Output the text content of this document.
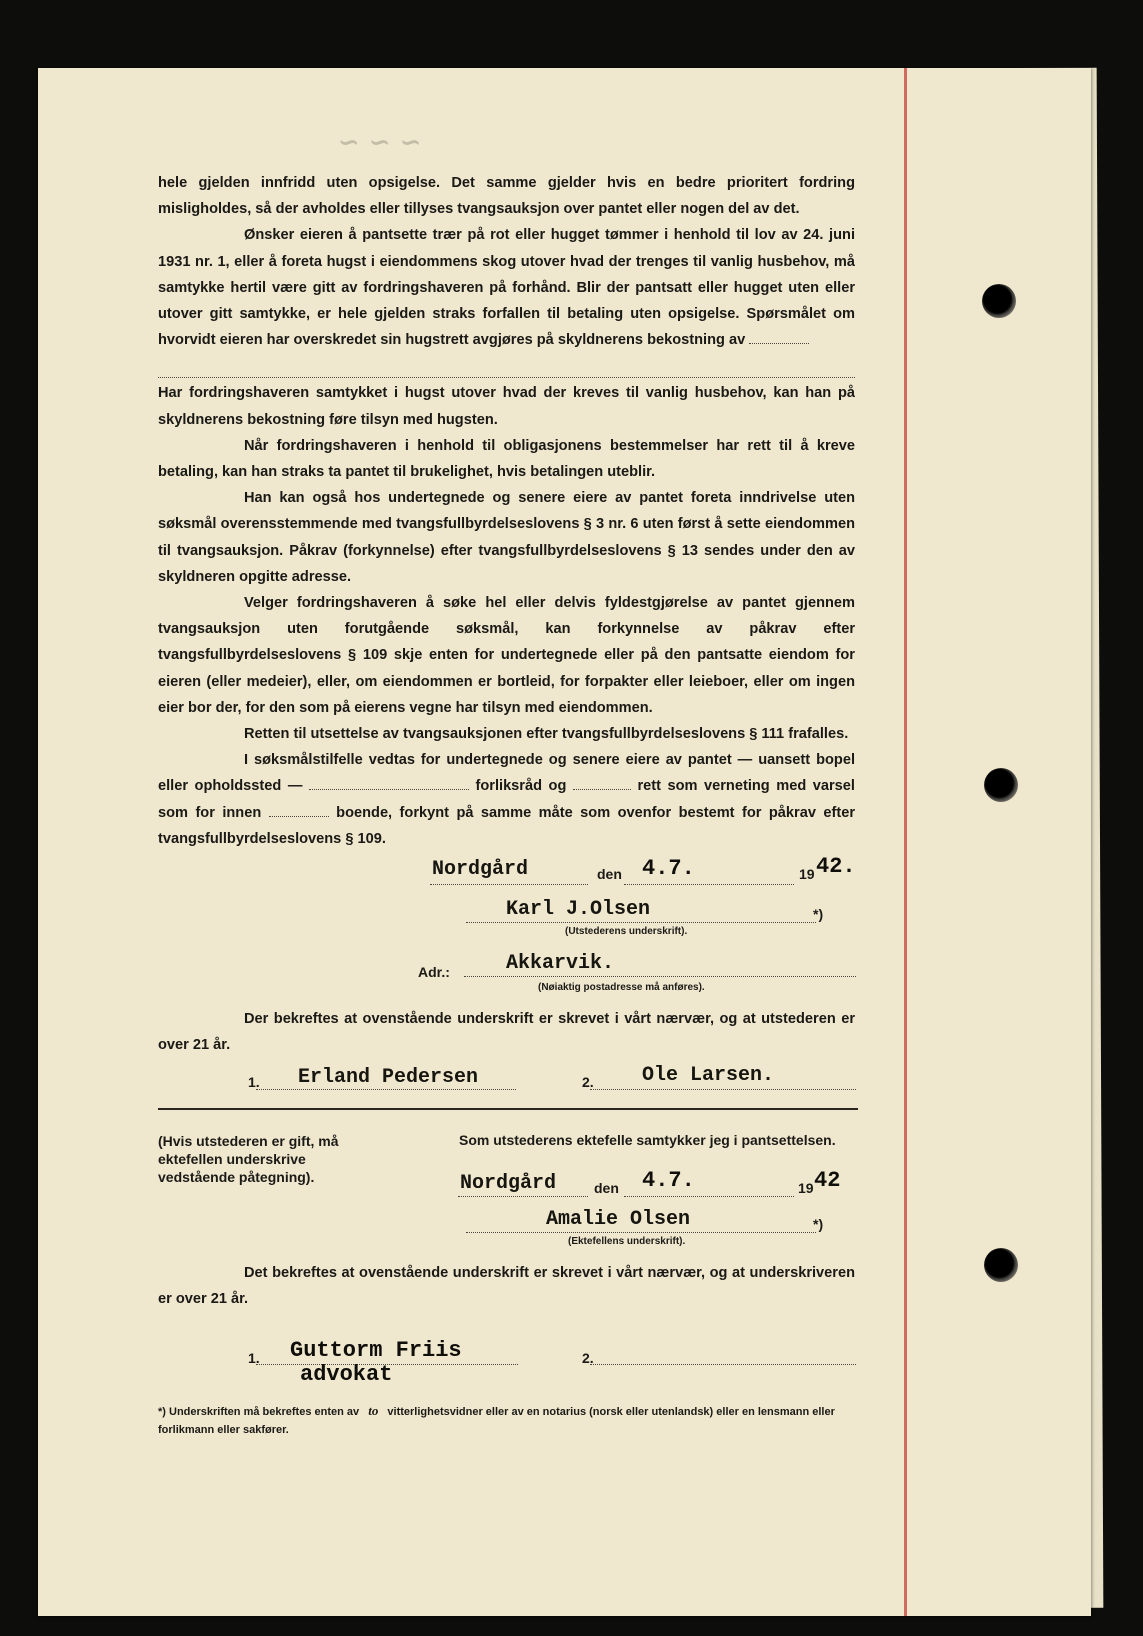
~ ~ ~

hele gjelden innfridd uten opsigelse. Det samme gjelder hvis en bedre prioritert fordring misligholdes, så der avholdes eller tillyses tvangsauksjon over pantet eller nogen del av det.

Ønsker eieren å pantsette trær på rot eller hugget tømmer i henhold til lov av 24. juni 1931 nr. 1, eller å foreta hugst i eiendommens skog utover hvad der trenges til vanlig husbehov, må samtykke hertil være gitt av fordringshaveren på forhånd. Blir der pantsatt eller hugget uten eller utover gitt samtykke, er hele gjelden straks forfallen til betaling uten opsigelse. Spørsmålet om hvorvidt eieren har overskredet sin hugstrett avgjøres på skyldnerens bekostning av

Har fordringshaveren samtykket i hugst utover hvad der kreves til vanlig husbehov, kan han på skyldnerens bekostning føre tilsyn med hugsten.

Når fordringshaveren i henhold til obligasjonens bestemmelser har rett til å kreve betaling, kan han straks ta pantet til brukelighet, hvis betalingen uteblir.

Han kan også hos undertegnede og senere eiere av pantet foreta inndrivelse uten søksmål overensstemmende med tvangsfullbyrdelseslovens § 3 nr. 6 uten først å sette eiendommen til tvangsauksjon. Påkrav (forkynnelse) efter tvangsfullbyrdelseslovens § 13 sendes under den av skyldneren opgitte adresse.

Velger fordringshaveren å søke hel eller delvis fyldestgjørelse av pantet gjennem tvangsauksjon uten forutgående søksmål, kan forkynnelse av påkrav efter tvangsfullbyrdelseslovens § 109 skje enten for undertegnede eller på den pantsatte eiendom for eieren (eller medeier), eller, om eiendommen er bortleid, for forpakter eller leieboer, eller om ingen eier bor der, for den som på eierens vegne har tilsyn med eiendommen.

Retten til utsettelse av tvangsauksjonen efter tvangsfullbyrdelseslovens § 111 frafalles.

I søksmålstilfelle vedtas for undertegnede og senere eiere av pantet — uansett bopel eller opholdssted —	forliksråd og	rett som verneting med varsel som for innen	boende, forkynt på samme måte som ovenfor bestemt for påkrav efter tvangsfullbyrdelseslovens § 109.

Nordgård	den 4.7.	19 42.
Karl J.Olsen	*)
(Utstederens underskrift).
Adr.:	Akkarvik.
(Nøiaktig postadresse må anføres).

Der bekreftes at ovenstående underskrift er skrevet i vårt nærvær, og at utstederen er over 21 år.

1. Erland Pedersen	2. Ole Larsen.
(Hvis utstederen er gift, må ektefellen underskrive vedstående påtegning).
Som utstederens ektefelle samtykker jeg i pantsettelsen.
Nordgård	den 4.7.	19 42
Amalie Olsen	*)
(Ektefellens underskrift).

Det bekreftes at ovenstående underskrift er skrevet i vårt nærvær, og at underskriveren er over 21 år.

1. Guttorm Friis
advokat
2.
*) Underskriften må bekreftes enten av to vitterlighetsvidner eller av en notarius (norsk eller utenlandsk) eller en lensmann eller forlikmann eller sakfører.
